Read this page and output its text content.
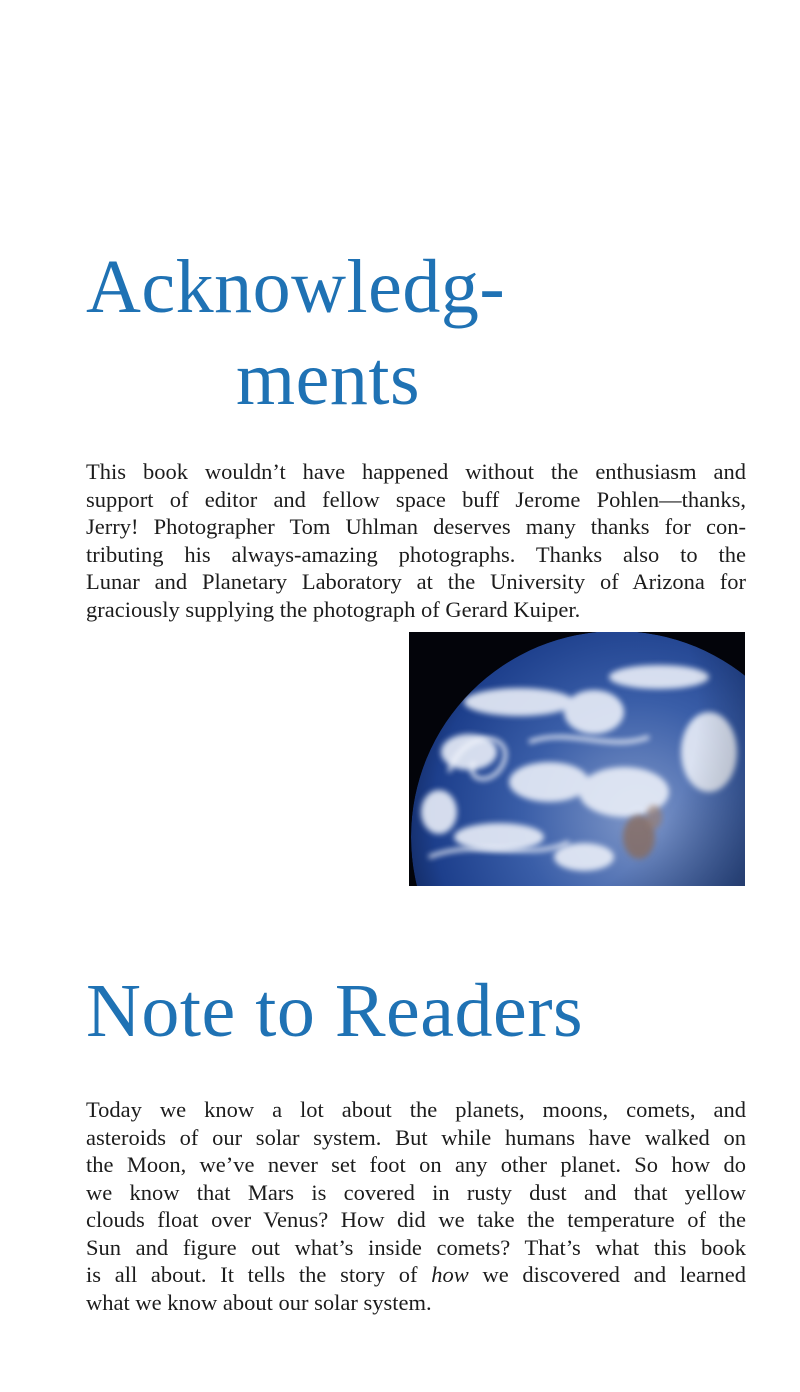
Acknowledg-
ments
This book wouldn’t have happened without the enthusiasm and
support of editor and fellow space buff Jerome Pohlen—thanks,
Jerry! Photographer Tom Uhlman deserves many thanks for con-
tributing his always-amazing photographs. Thanks also to the
Lunar and Planetary Laboratory at the University of Arizona for
graciously supplying the photograph of Gerard Kuiper.
Note to Readers
Today we know a lot about the planets, moons, comets, and
asteroids of our solar system. But while humans have walked on
the Moon, we’ve never set foot on any other planet. So how do
we know that Mars is covered in rusty dust and that yellow
clouds float over Venus? How did we take the temperature of the
Sun and figure out what’s inside comets? That’s what this book
is all about. It tells the story of how we discovered and learned
what we know about our solar system.
